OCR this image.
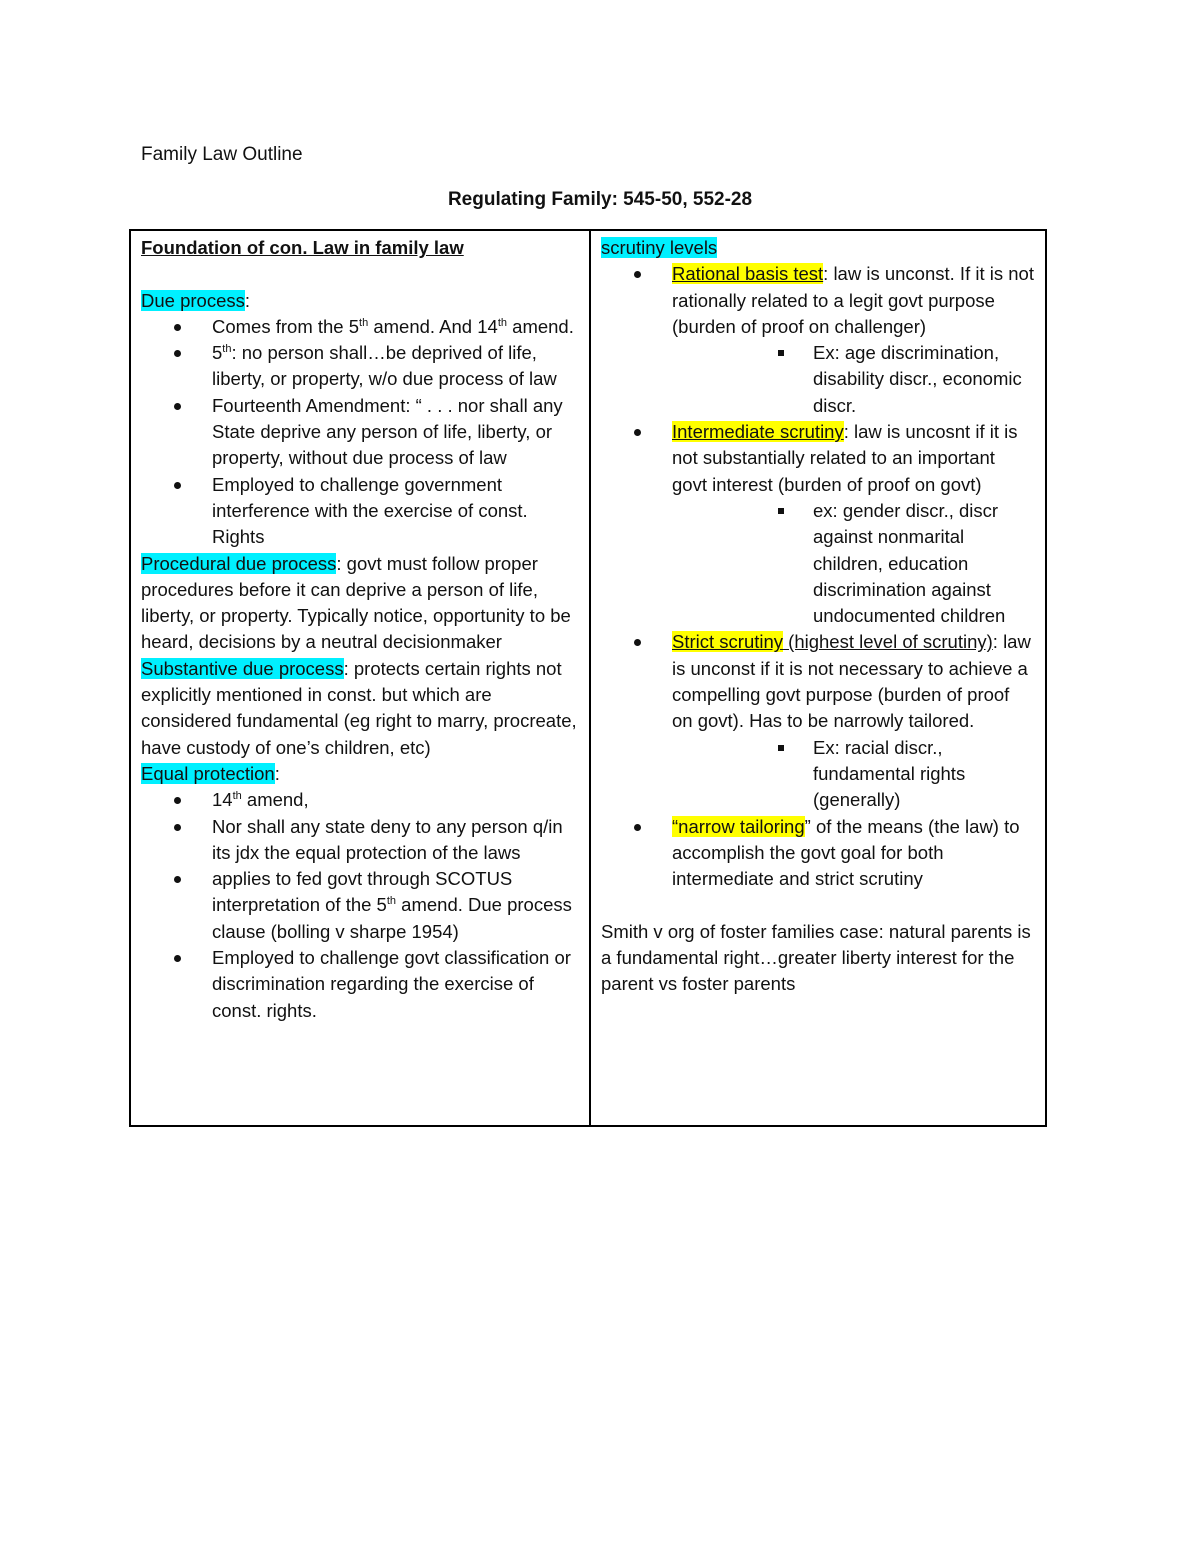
Family Law Outline
Regulating Family: 545-50, 552-28
Foundation of con. Law in family law
Due process:
Comes from the 5th amend. And 14th amend.
5th: no person shall…be deprived of life, liberty, or property, w/o due process of law
Fourteenth Amendment: “ . . . nor shall any State deprive any person of life, liberty, or property, without due process of law
Employed to challenge government interference with the exercise of const. Rights
Procedural due process: govt must follow proper procedures before it can deprive a person of life, liberty, or property. Typically notice, opportunity to be heard, decisions by a neutral decisionmaker
Substantive due process: protects certain rights not explicitly mentioned in const. but which are considered fundamental (eg right to marry, procreate, have custody of one’s children, etc)
Equal protection:
14th amend,
Nor shall any state deny to any person q/in its jdx the equal protection of the laws
applies to fed govt through SCOTUS interpretation of the 5th amend. Due process clause (bolling v sharpe 1954)
Employed to challenge govt classification or discrimination regarding the exercise of const. rights.
scrutiny levels
Rational basis test: law is unconst. If it is not rationally related to a legit govt purpose (burden of proof on challenger)
Ex: age discrimination, disability discr., economic discr.
Intermediate scrutiny: law is uncosnt if it is not substantially related to an important govt interest (burden of proof on govt)
ex: gender discr., discr against nonmarital children, education discrimination against undocumented children
Strict scrutiny (highest level of scrutiny): law is unconst if it is not necessary to achieve a compelling govt purpose (burden of proof on govt). Has to be narrowly tailored.
Ex: racial discr., fundamental rights (generally)
“narrow tailoring” of the means (the law) to accomplish the govt goal for both intermediate and strict scrutiny
Smith v org of foster families case: natural parents is a fundamental right…greater liberty interest for the parent vs foster parents
